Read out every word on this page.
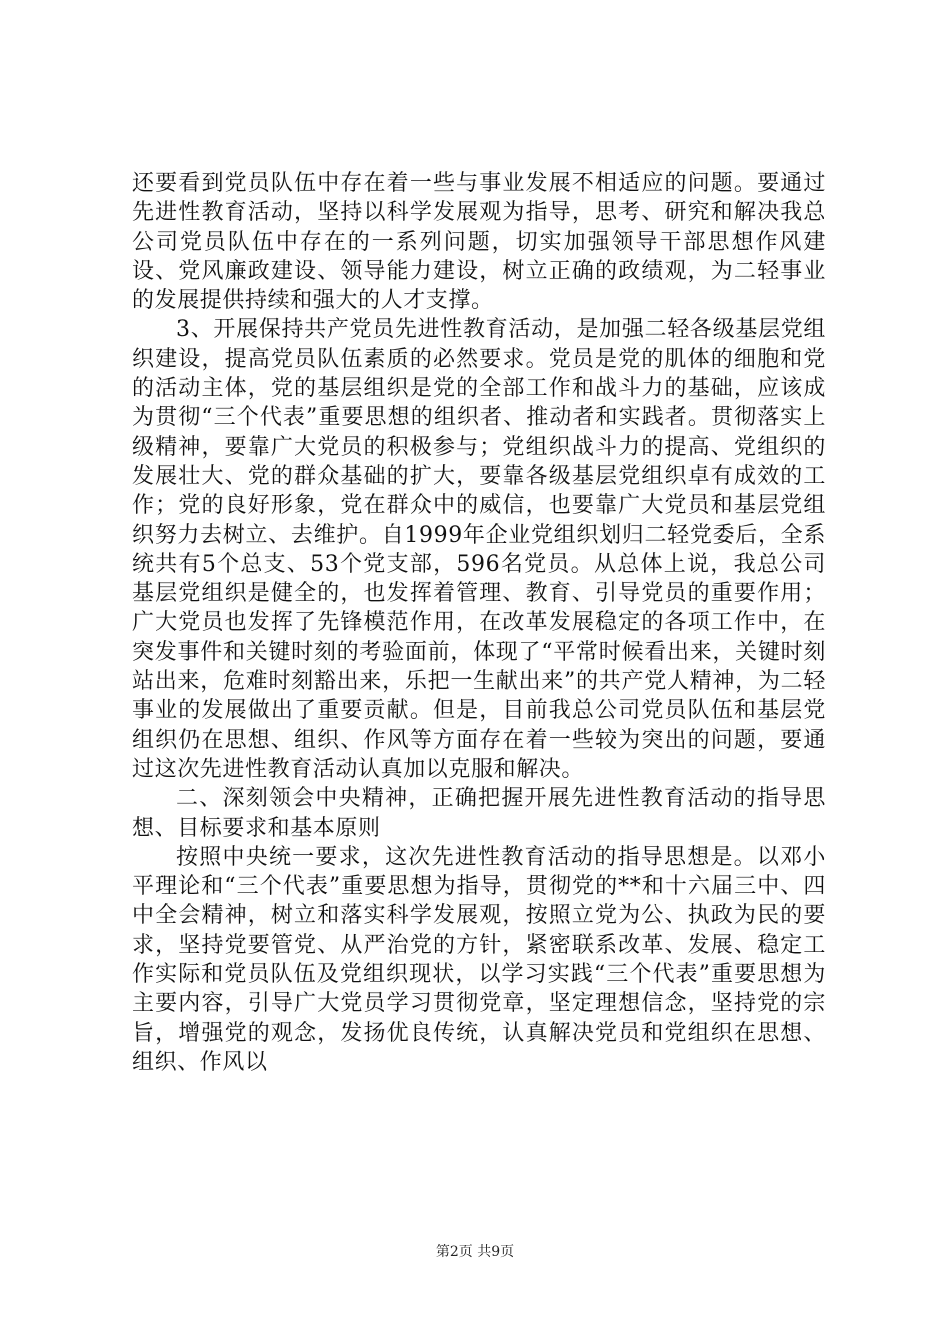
还要看到党员队伍中存在着一些与事业发展不相适应的问题。要通过先进性教育活动，坚持以科学发展观为指导，思考、研究和解决我总公司党员队伍中存在的一系列问题，切实加强领导干部思想作风建设、党风廉政建设、领导能力建设，树立正确的政绩观，为二轻事业的发展提供持续和强大的人才支撑。

3、开展保持共产党员先进性教育活动，是加强二轻各级基层党组织建设，提高党员队伍素质的必然要求。党员是党的肌体的细胞和党的活动主体，党的基层组织是党的全部工作和战斗力的基础，应该成为贯彻“三个代表”重要思想的组织者、推动者和实践者。贯彻落实上级精神，要靠广大党员的积极参与；党组织战斗力的提高、党组织的发展壮大、党的群众基础的扩大，要靠各级基层党组织卓有成效的工作；党的良好形象，党在群众中的威信，也要靠广大党员和基层党组织努力去树立、去维护。自1999年企业党组织划归二轻党委后，全系统共有5个总支、53个党支部，596名党员。从总体上说，我总公司基层党组织是健全的，也发挥着管理、教育、引导党员的重要作用；广大党员也发挥了先锋模范作用，在改革发展稳定的各项工作中，在突发事件和关键时刻的考验面前，体现了“平常时候看出来，关键时刻站出来，危难时刻豁出来，乐把一生献出来”的共产党人精神，为二轻事业的发展做出了重要贡献。但是，目前我总公司党员队伍和基层党组织仍在思想、组织、作风等方面存在着一些较为突出的问题，要通过这次先进性教育活动认真加以克服和解决。

二、深刻领会中央精神，正确把握开展先进性教育活动的指导思想、目标要求和基本原则

按照中央统一要求，这次先进性教育活动的指导思想是。以邓小平理论和“三个代表”重要思想为指导，贯彻党的**和十六届三中、四中全会精神，树立和落实科学发展观，按照立党为公、执政为民的要求，坚持党要管党、从严治党的方针，紧密联系改革、发展、稳定工作实际和党员队伍及党组织现状，以学习实践“三个代表”重要思想为主要内容，引导广大党员学习贯彻党章，坚定理想信念，坚持党的宗旨，增强党的观念，发扬优良传统，认真解决党员和党组织在思想、组织、作风以

第2页 共9页
